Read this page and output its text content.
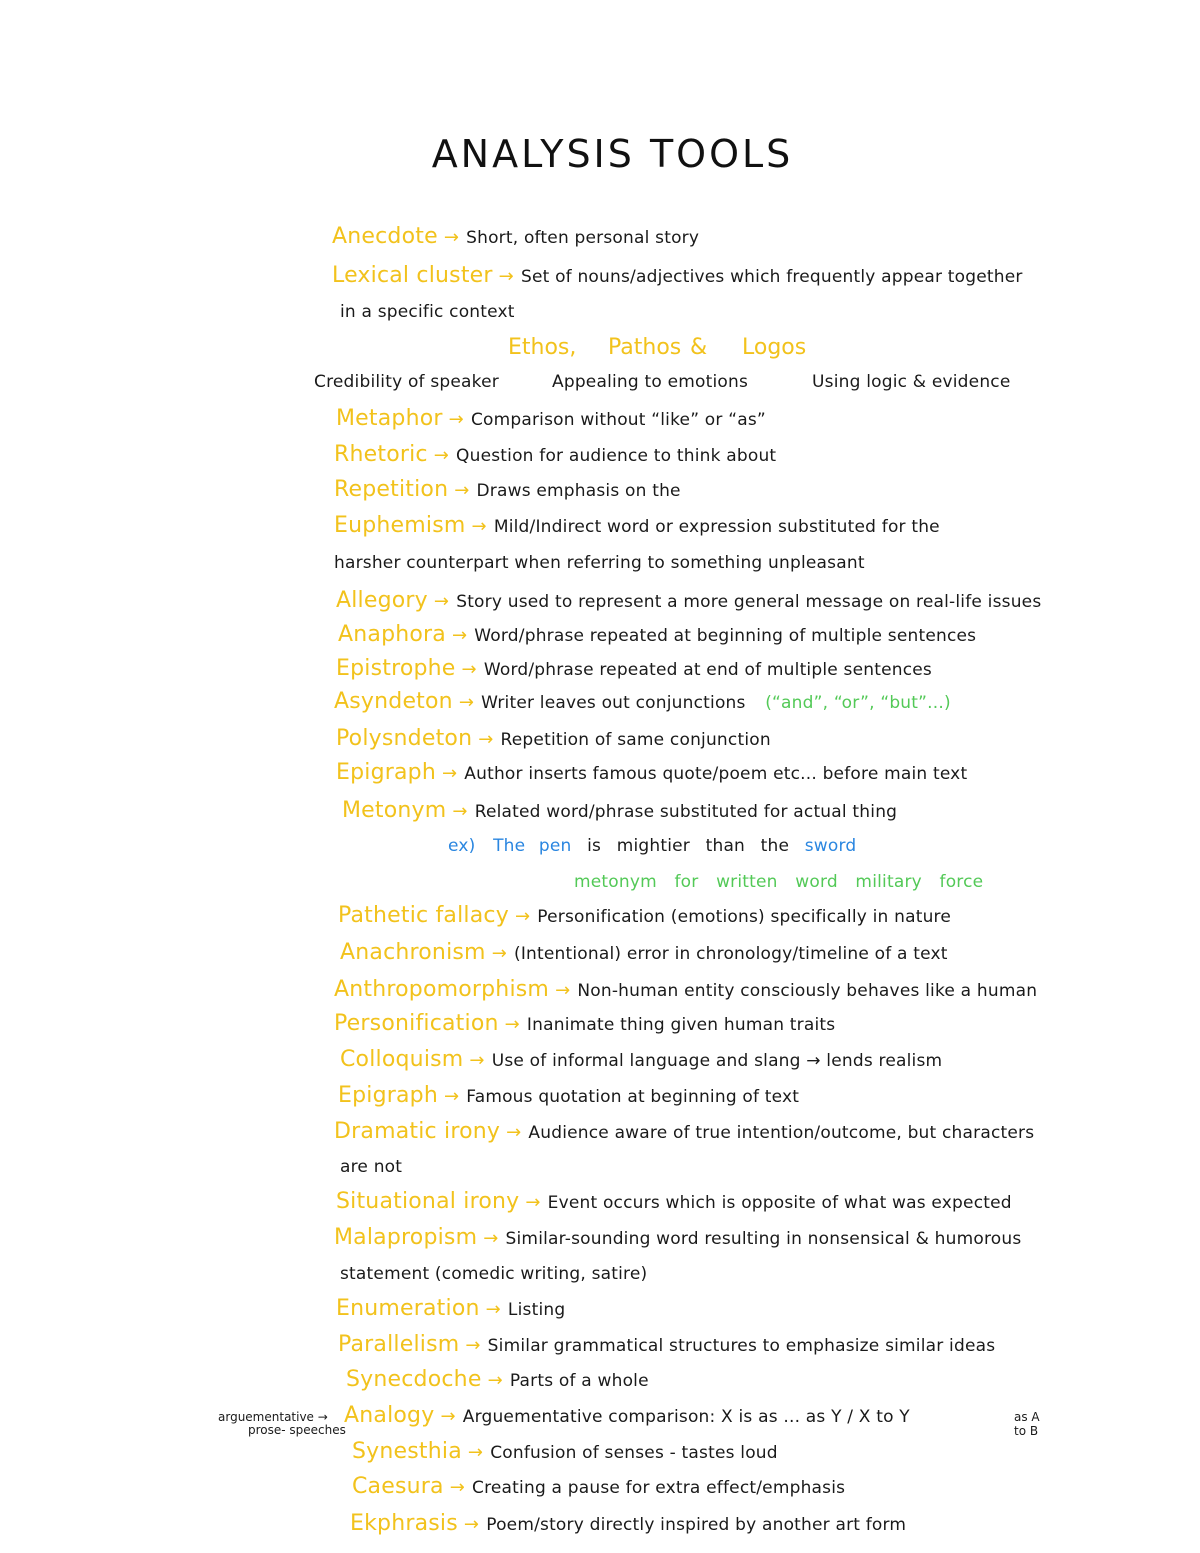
ANALYSIS TOOLS
Anecdote → Short, often personal story
Lexical cluster → Set of nouns/adjectives which frequently appear together
in a specific context
Ethos, Pathos & Logos
Credibility of speaker	Appealing to emotions	Using logic & evidence
Metaphor → Comparison without “like” or “as”
Rhetoric → Question for audience to think about
Repetition → Draws emphasis on the
Euphemism → Mild/Indirect word or expression substituted for the
harsher counterpart when referring to something unpleasant
Allegory → Story used to represent a more general message on real-life issues
Anaphora → Word/phrase repeated at beginning of multiple sentences
Epistrophe → Word/phrase repeated at end of multiple sentences
Asyndeton → Writer leaves out conjunctions (“and”, “or”, “but”...)
Polysndeton → Repetition of same conjunction
Epigraph → Author inserts famous quote/poem etc... before main text
Metonym → Related word/phrase substituted for actual thing
ex) The pen is mightier than the sword
metonym for written word military force
Pathetic fallacy → Personification (emotions) specifically in nature
Anachronism → (Intentional) error in chronology/timeline of a text
Anthropomorphism → Non-human entity consciously behaves like a human
Personification → Inanimate thing given human traits
Colloquism → Use of informal language and slang → lends realism
Epigraph → Famous quotation at beginning of text
Dramatic irony → Audience aware of true intention/outcome, but characters
are not
Situational irony → Event occurs which is opposite of what was expected
Malapropism → Similar-sounding word resulting in nonsensical & humorous
statement (comedic writing, satire)
Enumeration → Listing
Parallelism → Similar grammatical structures to emphasize similar ideas
Synecdoche → Parts of a whole
arguementative →
prose- speeches
Analogy → Arguementative comparison: X is as ... as Y / X to Y	as A
to B
Synesthia → Confusion of senses - tastes loud
Caesura → Creating a pause for extra effect/emphasis
Ekphrasis → Poem/story directly inspired by another art form
